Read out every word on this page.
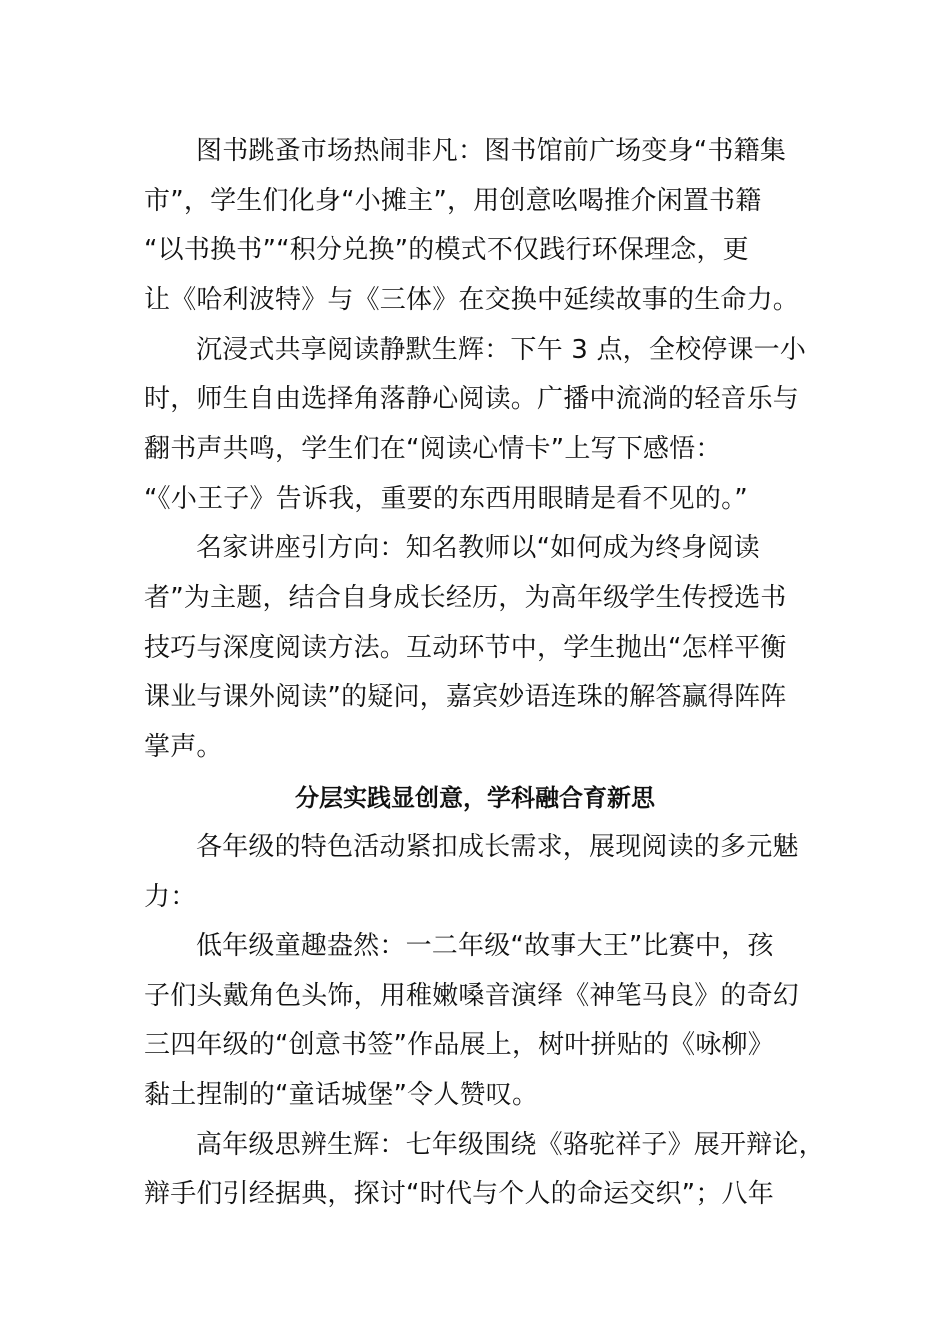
图书跳蚤市场热闹非凡：图书馆前广场变身“书籍集
市”，学生们化身“小摊主”，用创意吆喝推介闲置书籍
“以书换书”“积分兑换”的模式不仅践行环保理念，更
让《哈利波特》与《三体》在交换中延续故事的生命力。
沉浸式共享阅读静默生辉：下午 3 点，全校停课一小
时，师生自由选择角落静心阅读。广播中流淌的轻音乐与
翻书声共鸣，学生们在“阅读心情卡”上写下感悟：
“《小王子》告诉我，重要的东西用眼睛是看不见的。”
名家讲座引方向：知名教师以“如何成为终身阅读
者”为主题，结合自身成长经历，为高年级学生传授选书
技巧与深度阅读方法。互动环节中，学生抛出“怎样平衡
课业与课外阅读”的疑问，嘉宾妙语连珠的解答赢得阵阵
掌声。
分层实践显创意，学科融合育新思
各年级的特色活动紧扣成长需求，展现阅读的多元魅
力：
低年级童趣盎然：一二年级“故事大王”比赛中，孩
子们头戴角色头饰，用稚嫩嗓音演绎《神笔马良》的奇幻
三四年级的“创意书签”作品展上，树叶拼贴的《咏柳》
黏土捏制的“童话城堡”令人赞叹。
高年级思辨生辉：七年级围绕《骆驼祥子》展开辩论，
辩手们引经据典，探讨“时代与个人的命运交织”；八年
